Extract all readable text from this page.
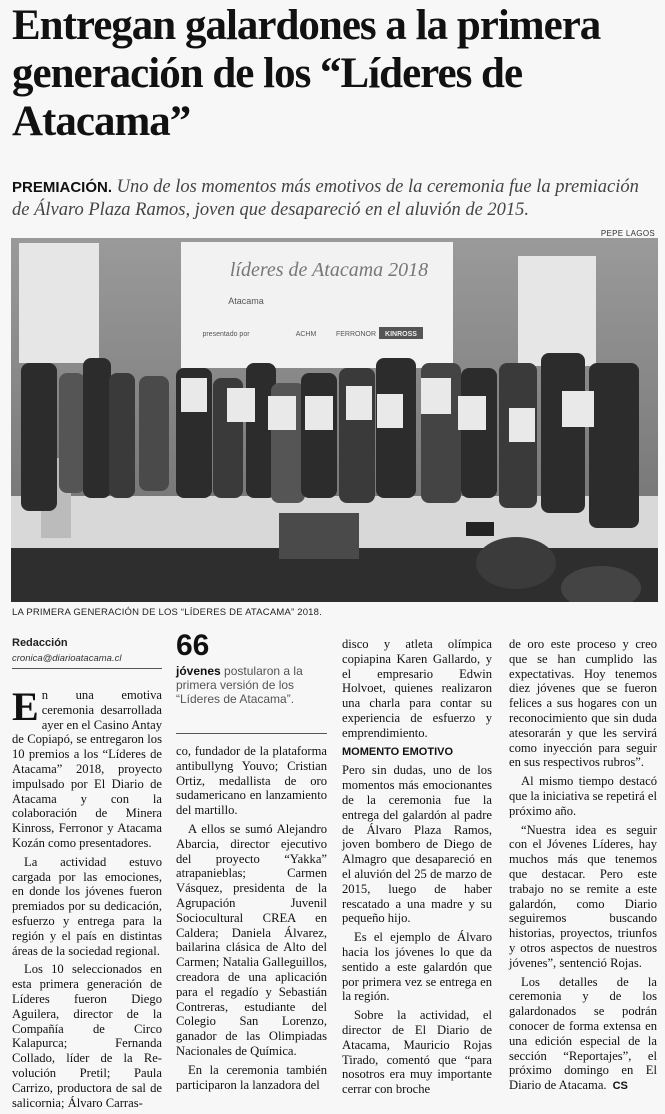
Entregan galardones a la primera generación de los “Líderes de Atacama”
PREMIACIÓN. Uno de los momentos más emotivos de la ceremonia fue la premiación de Álvaro Plaza Ramos, joven que desapareció en el aluvión de 2015.
PEPE LAGOS
líderes de Atacama 2018
Atacama
presentado por	ACHM	FERRONOR KINROSS
LA PRIMERA GENERACIÓN DE LOS “LÍDERES DE ATACAMA” 2018.
Redacción
cronica@diarioatacama.cl 66
jóvenes postularon a la primera versión de los “Líderes de Atacama”.

En una emotiva ceremonia desarrollada ayer en el Casino Antay de Copiapó, se entregaron los 10 premios a los “Líderes de Atacama” 2018, proyecto impulsado por El Diario de Atacama y con la colaboración de Minera Kinross, Ferronor y Atacama Kozán como presentadores.

La actividad estuvo cargada por las emociones, en donde los jóvenes fueron premiados por su dedicación, esfuerzo y entrega para la región y el país en distintas áreas de la sociedad regional.

Los 10 seleccionados en esta primera generación de Líderes fueron Diego Aguilera, director de la Compañía de Circo Kalapurca; Fernanda Collado, líder de la Re-volución Pretil; Paula Carrizo, productora de sal de salicornia; Álvaro Carras-

co, fundador de la plataforma antibullyng Youvo; Cristian Ortiz, medallista de oro sudamericano en lanzamiento del martillo.

A ellos se sumó Alejandro Abarcia, director ejecutivo del proyecto “Yakka” atrapanieblas; Carmen Vásquez, presidenta de la Agrupación Juvenil Sociocultural CREA en Caldera; Daniela Álvarez, bailarina clásica de Alto del Carmen; Natalia Galleguillos, creadora de una aplicación para el regadío y Sebastián Contreras, estudiante del Colegio San Lorenzo, ganador de las Olimpiadas Nacionales de Química.

En la ceremonia también participaron la lanzadora del

disco y atleta olímpica copiapina Karen Gallardo, y el empresario Edwin Holvoet, quienes realizaron una charla para contar su experiencia de esfuerzo y emprendimiento.

MOMENTO EMOTIVO

Pero sin dudas, uno de los momentos más emocionantes de la ceremonia fue la entrega del galardón al padre de Álvaro Plaza Ramos, joven bombero de Diego de Almagro que desapareció en el aluvión del 25 de marzo de 2015, luego de haber rescatado a una madre y su pequeño hijo.

Es el ejemplo de Álvaro hacia los jóvenes lo que da sentido a este galardón que por primera vez se entrega en la región.

Sobre la actividad, el director de El Diario de Atacama, Mauricio Rojas Tirado, comentó que “para nosotros era muy importante cerrar con broche

de oro este proceso y creo que se han cumplido las expectativas. Hoy tenemos diez jóvenes que se fueron felices a sus hogares con un reconocimiento que sin duda atesorarán y que les servirá como inyección para seguir en sus respectivos rubros”.

Al mismo tiempo destacó que la iniciativa se repetirá el próximo año.

“Nuestra idea es seguir con el Jóvenes Líderes, hay muchos más que tenemos que destacar. Pero este trabajo no se remite a este galardón, como Diario seguiremos buscando historias, proyectos, triunfos y otros aspectos de nuestros jóvenes”, sentenció Rojas.

Los detalles de la ceremonia y de los galardonados se podrán conocer de forma extensa en una edición especial de la sección “Reportajes”, el próximo domingo en El Diario de Atacama. CS
